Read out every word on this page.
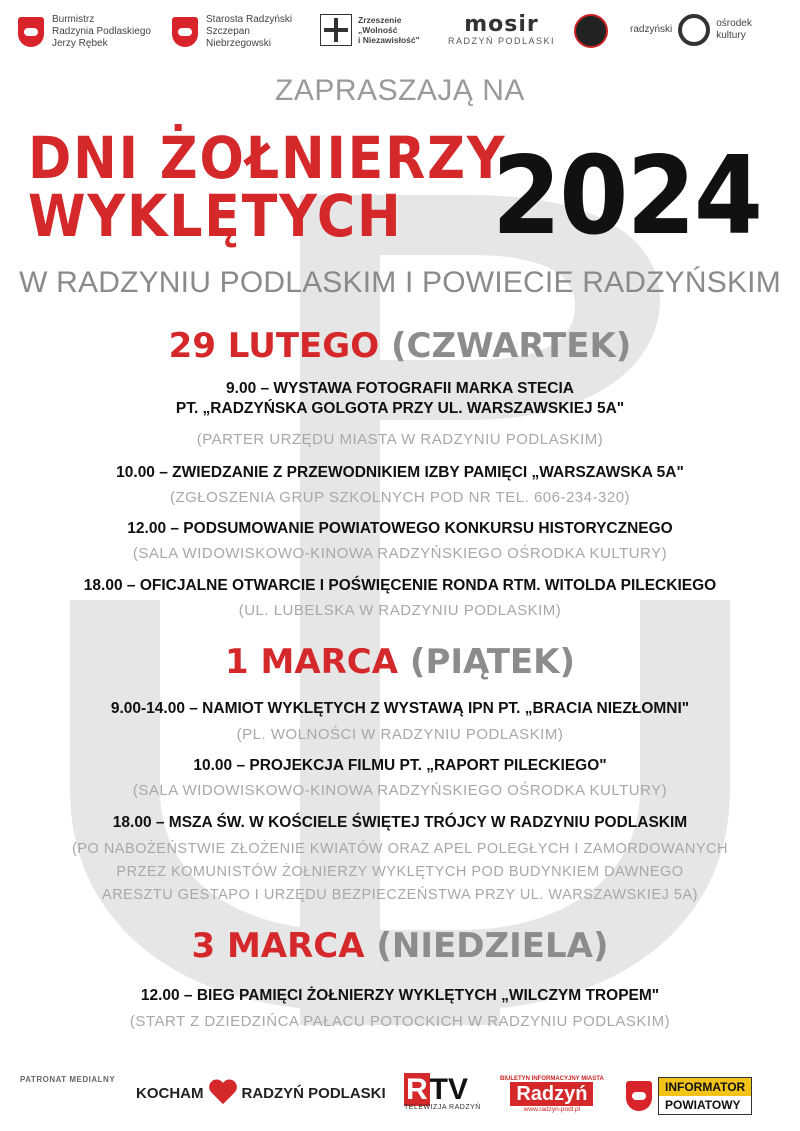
Burmistrz
Radzynia Podlaskiego
Jerzy Rębek
Starosta Radzyński
Szczepan
Niebrzegowski
Zrzeszenie
„Wolność
i Niezawisłość"
mosir
RADZYŃ PODLASKI
radzyński
ośrodek kultury
ZAPRASZAJĄ NA
DNI ŻOŁNIERZY
WYKLĘTYCH 2024
W RADZYNIU PODLASKIM I POWIECIE RADZYŃSKIM
29 LUTEGO (CZWARTEK)
9.00 – WYSTAWA FOTOGRAFII MARKA STECIA
PT. „RADZYŃSKA GOLGOTA PRZY UL. WARSZAWSKIEJ 5A"
(PARTER URZĘDU MIASTA W RADZYNIU PODLASKIM)
10.00 – ZWIEDZANIE Z PRZEWODNIKIEM IZBY PAMIĘCI „WARSZAWSKA 5A"
(ZGŁOSZENIA GRUP SZKOLNYCH POD NR TEL. 606-234-320)
12.00 – PODSUMOWANIE POWIATOWEGO KONKURSU HISTORYCZNEGO
(SALA WIDOWISKOWO-KINOWA RADZYŃSKIEGO OŚRODKA KULTURY)
18.00 – OFICJALNE OTWARCIE I POŚWIĘCENIE RONDA RTM. WITOLDA PILECKIEGO
(UL. LUBELSKA W RADZYNIU PODLASKIM)
1 MARCA (PIĄTEK)
9.00-14.00 – NAMIOT WYKLĘTYCH Z WYSTAWĄ IPN PT. „BRACIA NIEZŁOMNI"
(PL. WOLNOŚCI W RADZYNIU PODLASKIM)
10.00 – PROJEKCJA FILMU PT. „RAPORT PILECKIEGO"
(SALA WIDOWISKOWO-KINOWA RADZYŃSKIEGO OŚRODKA KULTURY)
18.00 – MSZA ŚW. W KOŚCIELE ŚWIĘTEJ TRÓJCY W RADZYNIU PODLASKIM
(PO NABOŻEŃSTWIE ZŁOŻENIE KWIATÓW ORAZ APEL POLEGŁYCH I ZAMORDOWANYCH
PRZEZ KOMUNISTÓW ŻOŁNIERZY WYKLĘTYCH POD BUDYNKIEM DAWNEGO
ARESZTU GESTAPO I URZĘDU BEZPIECZEŃSTWA PRZY UL. WARSZAWSKIEJ 5A)
3 MARCA (NIEDZIELA)
12.00 – BIEG PAMIĘCI ŻOŁNIERZY WYKLĘTYCH „WILCZYM TROPEM"
(START Z DZIEDZIŃCA PAŁACU POTOCKICH W RADZYNIU PODLASKIM)
PATRONAT MEDIALNY
KOCHAM	RADZYŃ PODLASKI RTV
TELEWIZJA RADZYŃ
BIULETYN INFORMACYJNY MIASTA
Radzyń
www.radzyn-podl.pl
INFORMATOR
POWIATOWY
